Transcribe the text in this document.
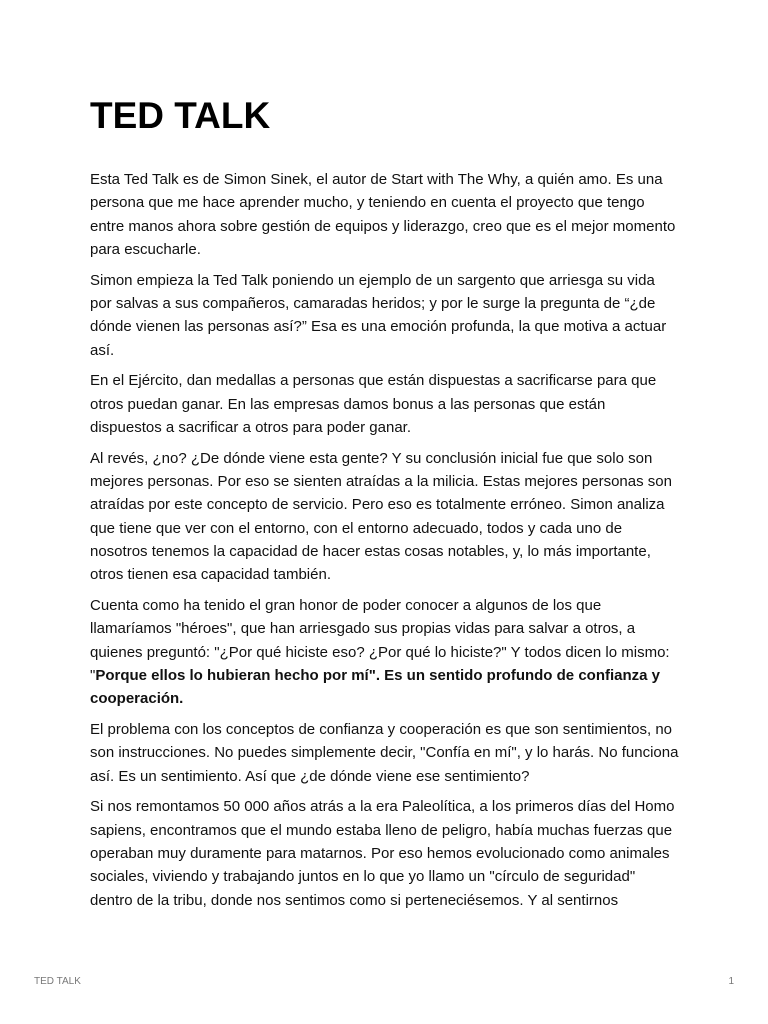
TED TALK

Esta Ted Talk es de Simon Sinek, el autor de Start with The Why, a quién amo. Es una persona que me hace aprender mucho, y teniendo en cuenta el proyecto que tengo entre manos ahora sobre gestión de equipos y liderazgo, creo que es el mejor momento para escucharle.

Simon empieza la Ted Talk poniendo un ejemplo de un sargento que arriesga su vida por salvas a sus compañeros, camaradas heridos; y por le surge la pregunta de “¿de dónde vienen las personas así?” Esa es una emoción profunda, la que motiva a actuar así.

En el Ejército, dan medallas a personas que están dispuestas a sacrificarse para que otros puedan ganar. En las empresas damos bonus a las personas que están dispuestos a sacrificar a otros para poder ganar.

Al revés, ¿no? ¿De dónde viene esta gente? Y su conclusión inicial fue que solo son mejores personas. Por eso se sienten atraídas a la milicia. Estas mejores personas son atraídas por este concepto de servicio. Pero eso es totalmente erróneo. Simon analiza que tiene que ver con el entorno, con el entorno adecuado, todos y cada uno de nosotros tenemos la capacidad de hacer estas cosas notables, y, lo más importante, otros tienen esa capacidad también.

Cuenta como ha tenido el gran honor de poder conocer a algunos de los que llamaríamos "héroes", que han arriesgado sus propias vidas para salvar a otros, a quienes preguntó: "¿Por qué hiciste eso? ¿Por qué lo hiciste?" Y todos dicen lo mismo: "Porque ellos lo hubieran hecho por mí". Es un sentido profundo de confianza y cooperación.

El problema con los conceptos de confianza y cooperación es que son sentimientos, no son instrucciones. No puedes simplemente decir, "Confía en mí", y lo harás. No funciona así. Es un sentimiento. Así que ¿de dónde viene ese sentimiento?

Si nos remontamos 50 000 años atrás a la era Paleolítica, a los primeros días del Homo sapiens, encontramos que el mundo estaba lleno de peligro, había muchas fuerzas que operaban muy duramente para matarnos. Por eso hemos evolucionado como animales sociales, viviendo y trabajando juntos en lo que yo llamo un "círculo de seguridad" dentro de la tribu, donde nos sentimos como si perteneciésemos. Y al sentirnos

TED TALK	1
